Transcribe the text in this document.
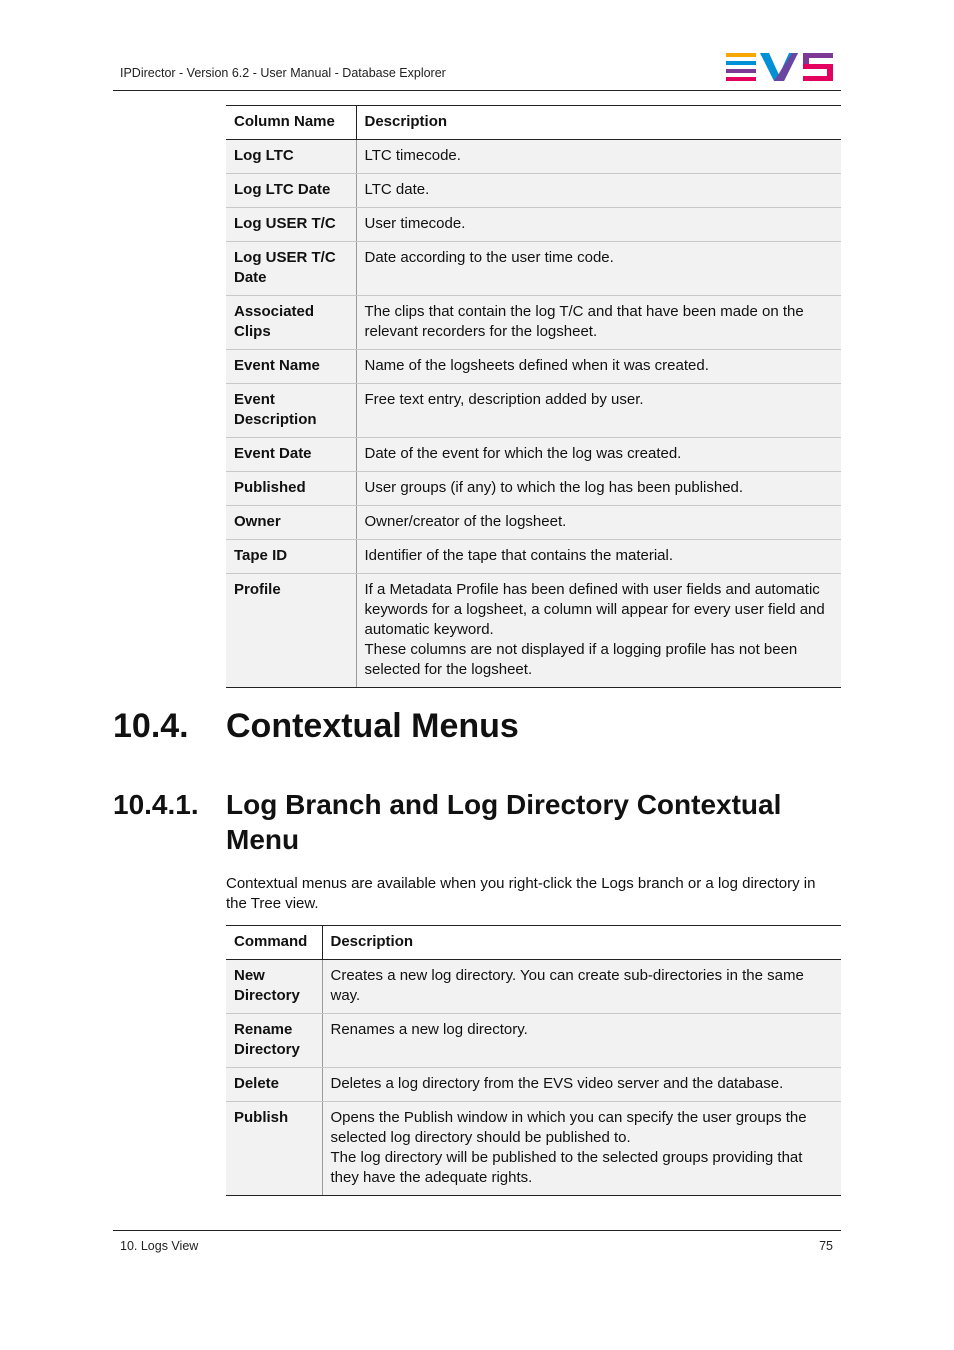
IPDirector - Version 6.2 - User Manual - Database Explorer
Column Name	Description
Log LTC	LTC timecode.

Log LTC Date	LTC date.

Log USER T/C	User timecode.

Log USER T/C Date	Date according to the user time code.

Associated Clips	The clips that contain the log T/C and that have been made on the relevant recorders for the logsheet.

Event Name	Name of the logsheets defined when it was created.

Event Description	Free text entry, description added by user.

Event Date	Date of the event for which the log was created.

Published	User groups (if any) to which the log has been published.

Owner	Owner/creator of the logsheet.

Tape ID	Identifier of the tape that contains the material.

Profile	If a Metadata Profile has been defined with user fields and automatic keywords for a logsheet, a column will appear for every user field and automatic keyword.
These columns are not displayed if a logging profile has not been selected for the logsheet.
10.4. Contextual Menus
10.4.1. Log Branch and Log Directory Contextual Menu

Contextual menus are available when you right-click the Logs branch or a log directory in the Tree view.

Command	Description
New Directory	Creates a new log directory. You can create sub-directories in the same way.

Rename Directory	Renames a new log directory.

Delete	Deletes a log directory from the EVS video server and the database.

Publish	Opens the Publish window in which you can specify the user groups the selected log directory should be published to.
The log directory will be published to the selected groups providing that they have the adequate rights.
10. Logs View	75
